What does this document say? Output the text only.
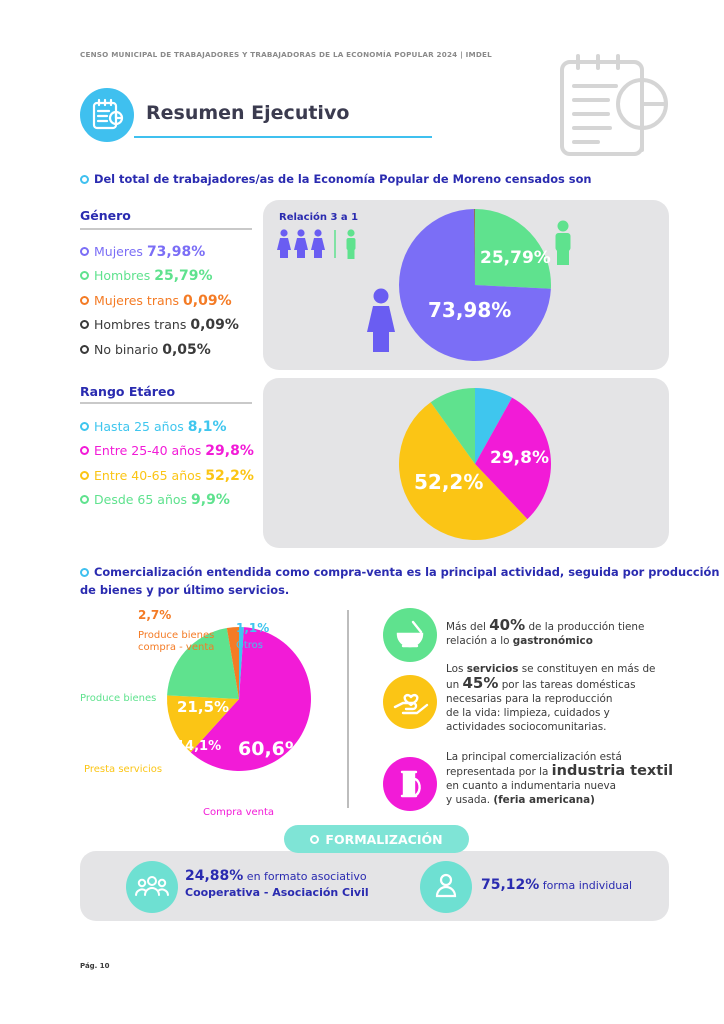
CENSO MUNICIPAL DE TRABAJADORES Y TRABAJADORAS DE LA ECONOMÍA POPULAR 2024 | IMDEL
Resumen Ejecutivo
Del total de trabajadores/as de la Economía Popular de Moreno censados son
Género
Mujeres 73,98%
Hombres 25,79%
Mujeres trans 0,09%
Hombres trans 0,09%
No binario 0,05%
Relación 3 a 1
25,79%
73,98%
Rango Etáreo
Hasta 25 años 8,1%
Entre 25-40 años 29,8%
Entre 40-65 años 52,2%
Desde 65 años 9,9%
29,8%
52,2%
Comercialización entendida como compra-venta es la principal actividad, seguida por producción
de bienes y por último servicios.
2,7%
Produce bienes
compra - venta
1,1%
Otros
Produce bienes
Presta servicios
Compra venta
21,5%
14,1% 60,6%
Más del 40% de la producción tiene
relación a lo gastronómico
Los servicios se constituyen en más de
un 45% por las tareas domésticas
necesarias para la reproducción
de la vida: limpieza, cuidados y
actividades sociocomunitarias.
La principal comercialización está
representada por la industria textil
en cuanto a indumentaria nueva
y usada. (feria americana)
FORMALIZACIÓN
24,88% en formato asociativo
Cooperativa - Asociación Civil	75,12% forma individual
Pág. 10
